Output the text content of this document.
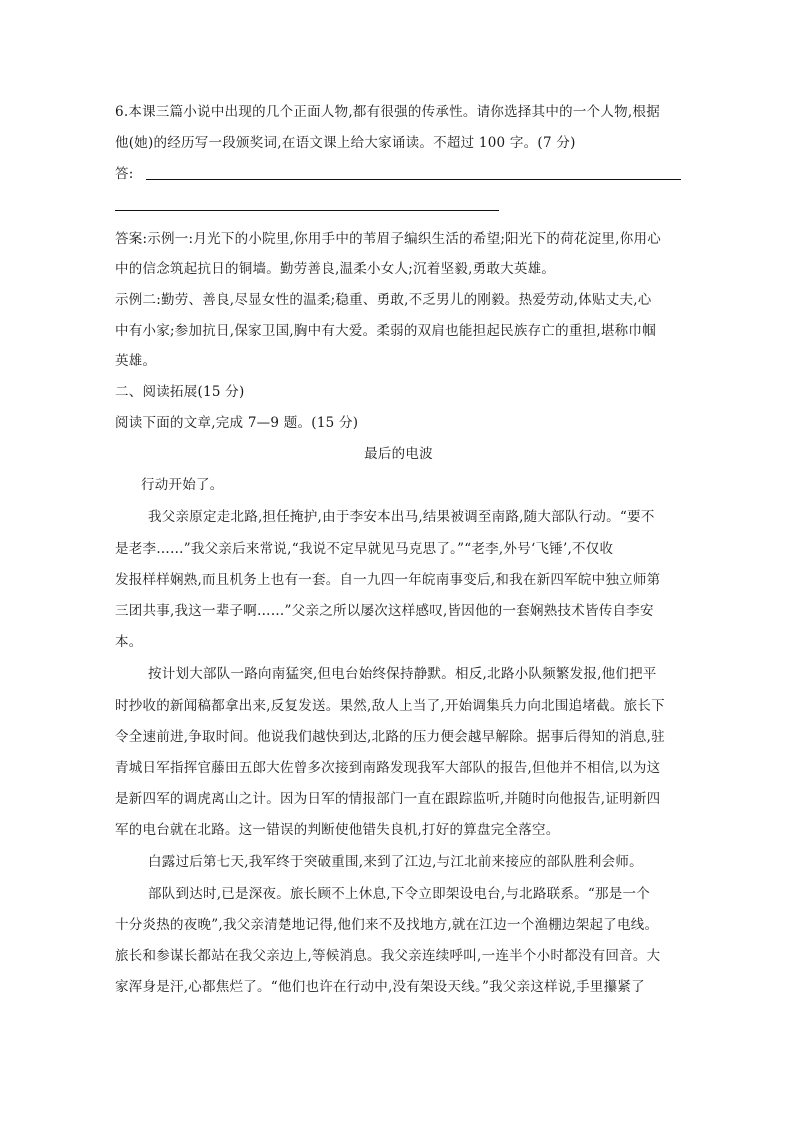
6.本课三篇小说中出现的几个正面人物,都有很强的传承性。请你选择其中的一个人物,根据
他(她)的经历写一段颁奖词,在语文课上给大家诵读。不超过 100 字。(7 分)
答:
答案:示例一:月光下的小院里,你用手中的苇眉子编织生活的希望;阳光下的荷花淀里,你用心
中的信念筑起抗日的铜墙。勤劳善良,温柔小女人;沉着坚毅,勇敢大英雄。
示例二:勤劳、善良,尽显女性的温柔;稳重、勇敢,不乏男儿的刚毅。热爱劳动,体贴丈夫,心
中有小家;参加抗日,保家卫国,胸中有大爱。柔弱的双肩也能担起民族存亡的重担,堪称巾帼
英雄。
二、阅读拓展(15 分)
阅读下面的文章,完成 7—9 题。(15 分)
最后的电波
行动开始了。
我父亲原定走北路,担任掩护,由于李安本出马,结果被调至南路,随大部队行动。“要不
是老李……”我父亲后来常说,“我说不定早就见马克思了。”“老李,外号‘飞锤’,不仅收
发报样样娴熟,而且机务上也有一套。自一九四一年皖南事变后,和我在新四军皖中独立师第
三团共事,我这一辈子啊……”父亲之所以屡次这样感叹,皆因他的一套娴熟技术皆传自李安
本。
按计划大部队一路向南猛突,但电台始终保持静默。相反,北路小队频繁发报,他们把平
时抄收的新闻稿都拿出来,反复发送。果然,敌人上当了,开始调集兵力向北围追堵截。旅长下
令全速前进,争取时间。他说我们越快到达,北路的压力便会越早解除。据事后得知的消息,驻
青城日军指挥官藤田五郎大佐曾多次接到南路发现我军大部队的报告,但他并不相信,以为这
是新四军的调虎离山之计。因为日军的情报部门一直在跟踪监听,并随时向他报告,证明新四
军的电台就在北路。这一错误的判断使他错失良机,打好的算盘完全落空。
白露过后第七天,我军终于突破重围,来到了江边,与江北前来接应的部队胜利会师。
部队到达时,已是深夜。旅长顾不上休息,下令立即架设电台,与北路联系。“那是一个
十分炎热的夜晚”,我父亲清楚地记得,他们来不及找地方,就在江边一个渔棚边架起了电线。
旅长和参谋长都站在我父亲边上,等候消息。我父亲连续呼叫,一连半个小时都没有回音。大
家浑身是汗,心都焦烂了。“他们也许在行动中,没有架设天线。”我父亲这样说,手里攥紧了
